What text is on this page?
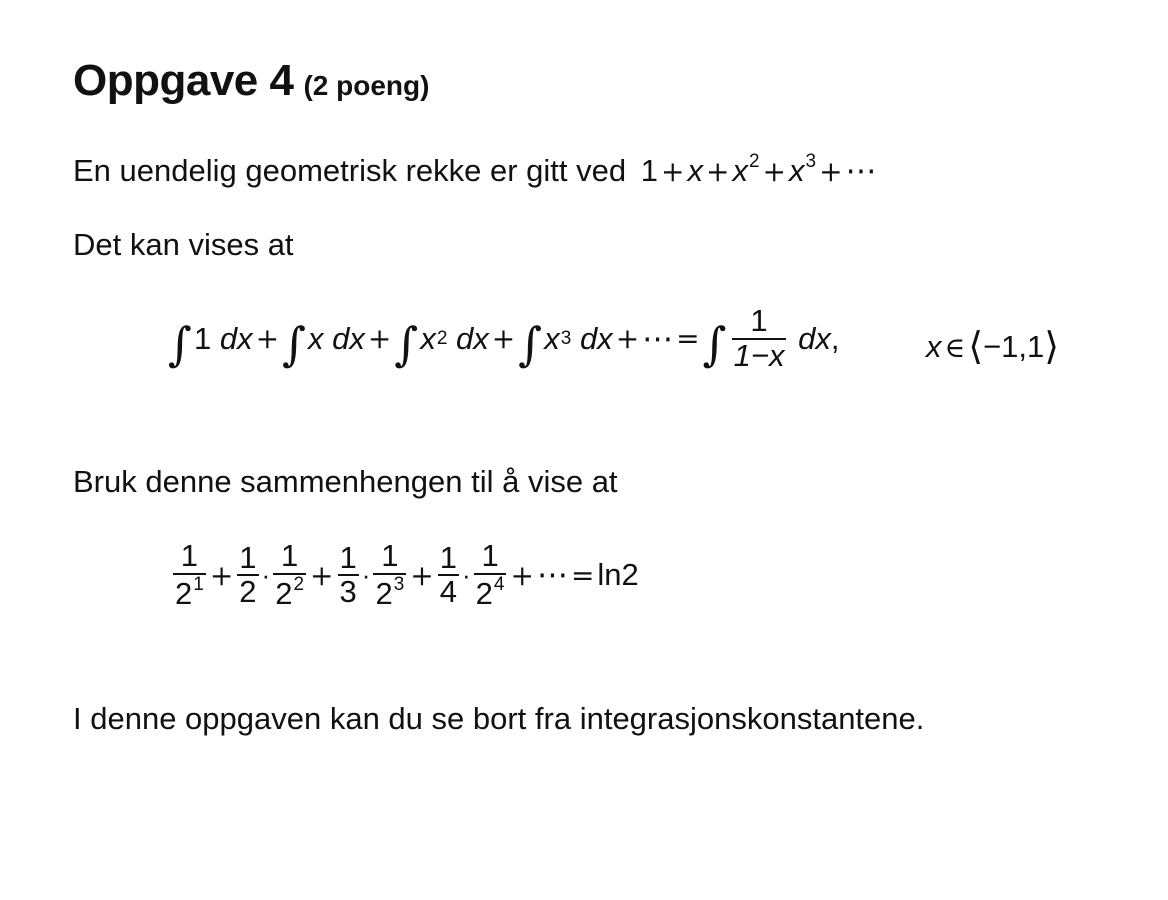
Oppgave 4 (2 poeng)
En uendelig geometrisk rekke er gitt ved $1 +x +x^2 +x^3$ +⋯
Det kan vises at
∫ 1
dx + ∫ x
dx + ∫ x 2
dx + ∫ x 3
dx + ⋯ = ∫ $\frac{1}{1-x}$
dx ,	x ∈⟨−1,1⟩
Bruk denne sammenhengen til å vise at
$\frac{1}{2^1} + \frac{1}{2} \cdot \frac{1}{2^2} + \frac{1}{3} \cdot \frac{1}{2^3} + \frac{1}{4} \cdot \frac{1}{2^4}$ + ⋯ = ln2
I denne oppgaven kan du se bort fra integrasjonskonstantene.
